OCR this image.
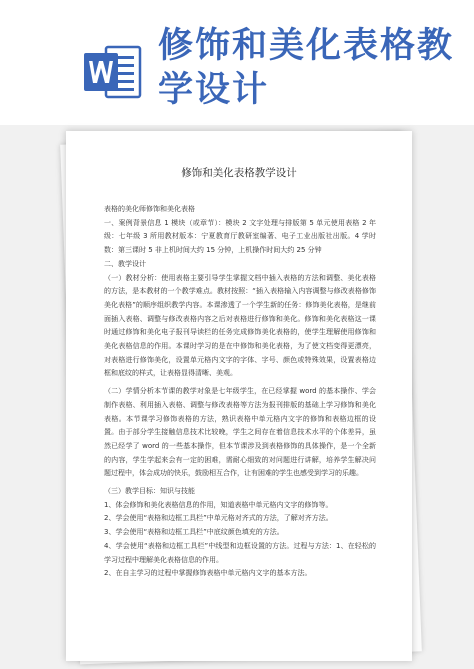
修饰和美化表格教
学设计
修饰和美化表格教学设计

表格的美化师修饰和美化表格

一、案例背景信息 1 模块（或章节）：模块 2 文字处理与排版第 5 单元使用表格 2 年级：七年级 3 所用教材版本：宁夏教育厅教研室编著、电子工业出版社出版。4 学时数：第三课时 5 非上机时间大约 15 分钟，上机操作时间大约 25 分钟

二、教学设计

（一）教材分析：使用表格主要引导学生掌握文档中插入表格的方法和调整、美化表格的方法，是本教材的一个教学难点。教材按照：“插入表格输入内容调整与修改表格修饰美化表格”的顺序组织教学内容。本课渗透了一个学生新的任务：修饰美化表格，是继前面插入表格、调整与修改表格内容之后对表格进行修饰和美化。修饰和美化表格这一课时通过修饰和美化电子报刊导读栏的任务完成修饰美化表格的，使学生理解使用修饰和美化表格信息的作用。本课时学习的是在中修饰和美化表格，为了使文档变得更漂亮，对表格进行修饰美化，设置单元格内文字的字体、字号、颜色或特殊效果，设置表格边框和底纹的样式，让表格显得清晰、美观。

（二）学情分析本节课的教学对象是七年级学生，在已经掌握 word 的基本操作、学会制作表格、利用插入表格、调整与修改表格等方法为报刊排版的基础上学习修饰和美化表格。本节课学习修饰表格的方法，熟识表格中单元格内文字的修饰和表格边框的设置。由于部分学生接触信息技术比较晚，学生之间存在着信息技术水平的个体差异，虽然已经学了 word 的一些基本操作，但本节课涉及到表格修饰的具体操作，是一个全新的内容，学生学起来会有一定的困难，需耐心细致的对问题进行讲解，培养学生解决问题过程中，体会成功的快乐，鼓励相互合作，让有困难的学生也感受到学习的乐趣。

（三）教学目标：知识与技能

1、体会修饰和美化表格信息的作用，知道表格中单元格内文字的修饰等。

2、学会使用“表格和边框工具栏”中单元格对齐式的方法，了解对齐方法。

3、学会使用“表格和边框工具栏”中底纹颜色填充的方法。

4、学会使用“表格和边框工具栏”中线型和边框设置的方法。过程与方法：1、在轻松的学习过程中理解美化表格信息的作用。

2、在自主学习的过程中掌握修饰表格中单元格内文字的基本方法。
